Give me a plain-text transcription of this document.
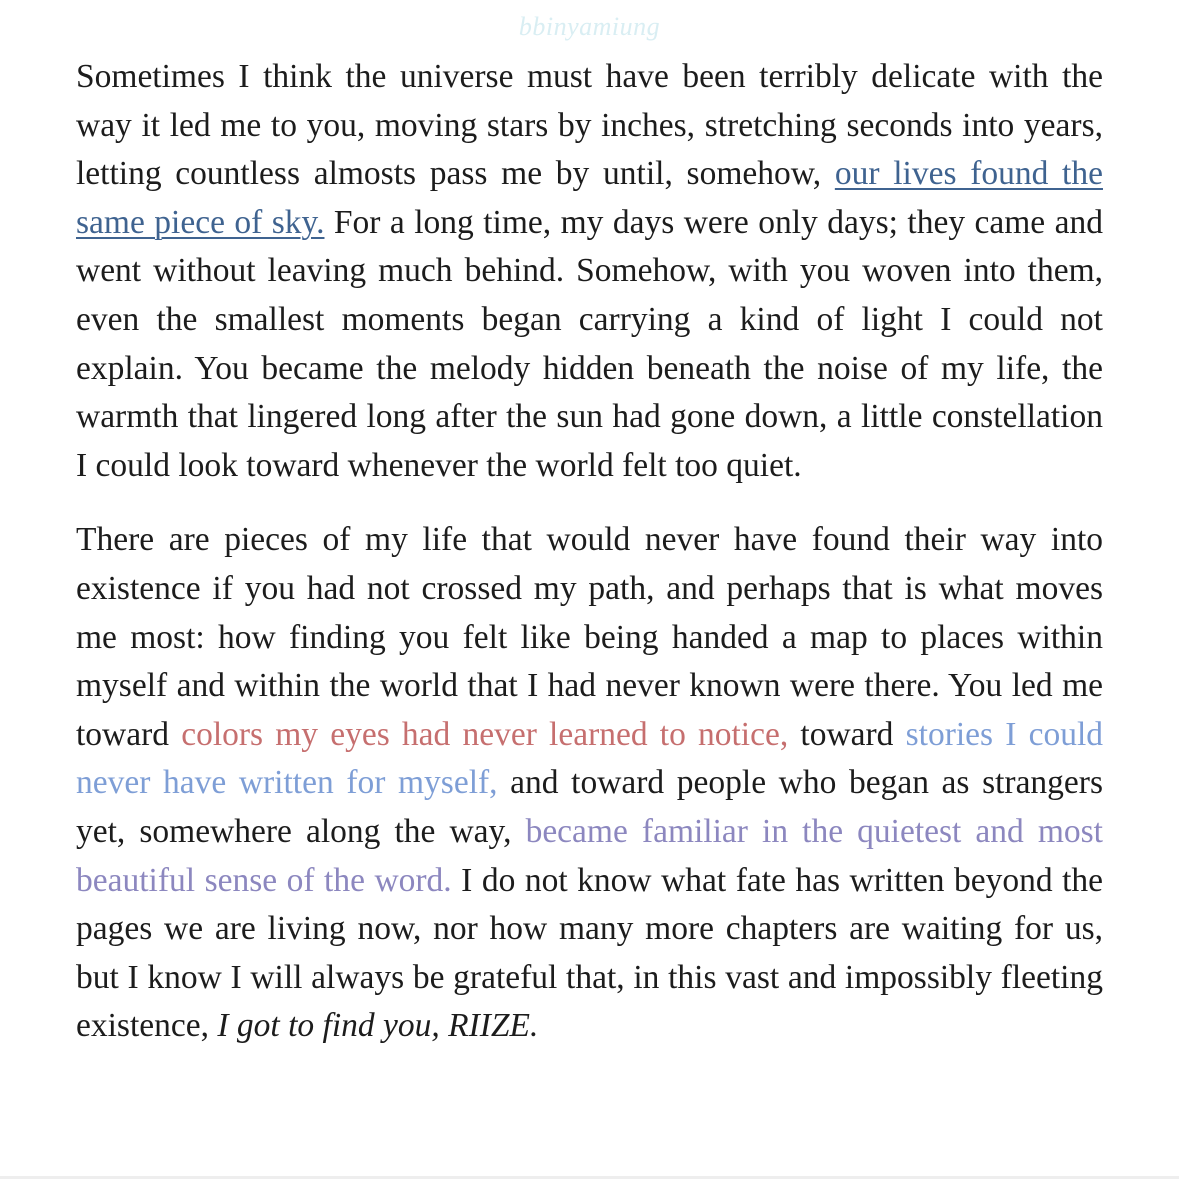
bbinyamiung

Sometimes I think the universe must have been terribly delicate with the way it led me to you, moving stars by inches, stretching seconds into years, letting countless almosts pass me by until, somehow, our lives found the same piece of sky. For a long time, my days were only days; they came and went without leaving much behind. Somehow, with you woven into them, even the smallest moments began carrying a kind of light I could not explain. You became the melody hidden beneath the noise of my life, the warmth that lingered long after the sun had gone down, a little constellation I could look toward whenever the world felt too quiet.

There are pieces of my life that would never have found their way into existence if you had not crossed my path, and perhaps that is what moves me most: how finding you felt like being handed a map to places within myself and within the world that I had never known were there. You led me toward colors my eyes had never learned to notice, toward stories I could never have written for myself, and toward people who began as strangers yet, somewhere along the way, became familiar in the quietest and most beautiful sense of the word. I do not know what fate has written beyond the pages we are living now, nor how many more chapters are waiting for us, but I know I will always be grateful that, in this vast and impossibly fleeting existence, I got to find you, RIIZE.
